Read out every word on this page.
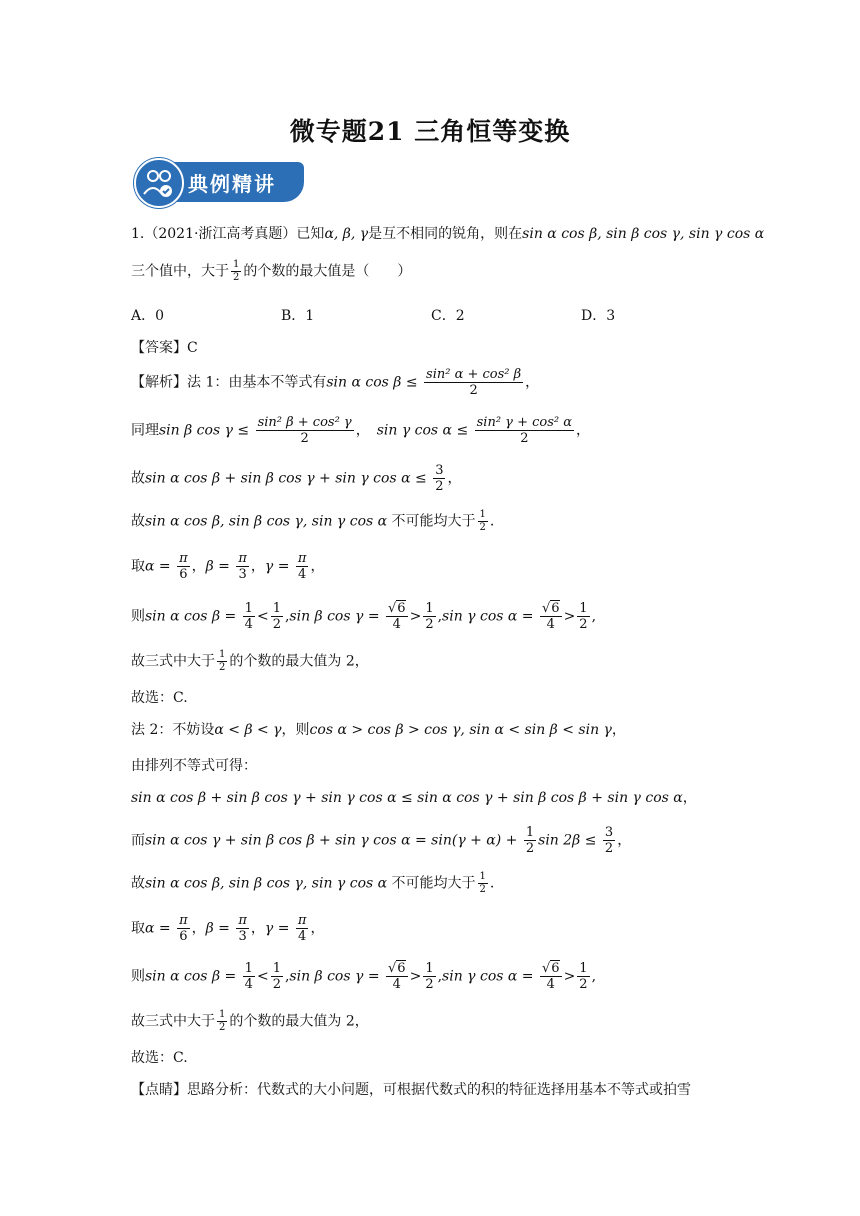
微专题21 三角恒等变换
典例精讲
1.（2021·浙江高考真题）已知α, β, γ是互不相同的锐角，则在sin α cos β, sin β cos γ, sin γ cos α
三个值中，大于 $\frac{1}{2}$ 的个数的最大值是（　　）
A．0	B．1	C．2	D．3
【答案】C
【解析】法 1：由基本不等式有sin α $\cos \beta \le \frac{\text{sin² α + cos² β}}{2}$ ，
同理sin β $\cos \gamma \le \frac{\text{sin² β + cos² γ}}{2}$ ，　sin γ $\cos \alpha \le \frac{\text{sin² γ + cos² α}}{2}$ ，
故sin α cos β + sin β cos γ + sin γ $\cos \alpha \le \frac{3}{2}$ ，
故sin α cos β, sin β cos γ, sin γ cos α 不可能均大于 $\frac{1}{2}$ .
取$\alpha = \frac{\pi}{6}$ ，$\beta = \frac{\pi}{3}$ ，$\gamma = \frac{\pi}{4}$ ，
则sin α $\cos \beta = \frac{1}{4} < \frac{1}{2} ,\sin$ β $\cos \gamma = \frac{√6}{4} > \frac{1}{2} ,\sin$ γ $\cos \alpha = \frac{√6}{4} > \frac{1}{2}$ ,
故三式中大于 $\frac{1}{2}$ 的个数的最大值为 2，
故选：C.
法 2：不妨设α < β < γ，则cos α > cos β > cos γ, sin α < sin β < sin γ，
由排列不等式可得：
sin α cos β + sin β cos γ + sin γ cos α ≤ sin α cos γ + sin β cos β + sin γ cos α，
而sin α cos γ + sin β cos β + sin γ $\cos \alpha = \sin(\gamma + \alpha) + \frac{1}{2}$ $\sin 2\beta \le \frac{3}{2}$ ，
故sin α cos β, sin β cos γ, sin γ cos α 不可能均大于 $\frac{1}{2}$ .
取$\alpha = \frac{\pi}{6}$ ，$\beta = \frac{\pi}{3}$ ，$\gamma = \frac{\pi}{4}$ ，
则sin α $\cos \beta = \frac{1}{4} < \frac{1}{2} ,\sin$ β $\cos \gamma = \frac{√6}{4} > \frac{1}{2} ,\sin$ γ $\cos \alpha = \frac{√6}{4} > \frac{1}{2}$ ,
故三式中大于 $\frac{1}{2}$ 的个数的最大值为 2，
故选：C.
【点睛】思路分析：代数式的大小问题，可根据代数式的积的特征选择用基本不等式或拍雪
